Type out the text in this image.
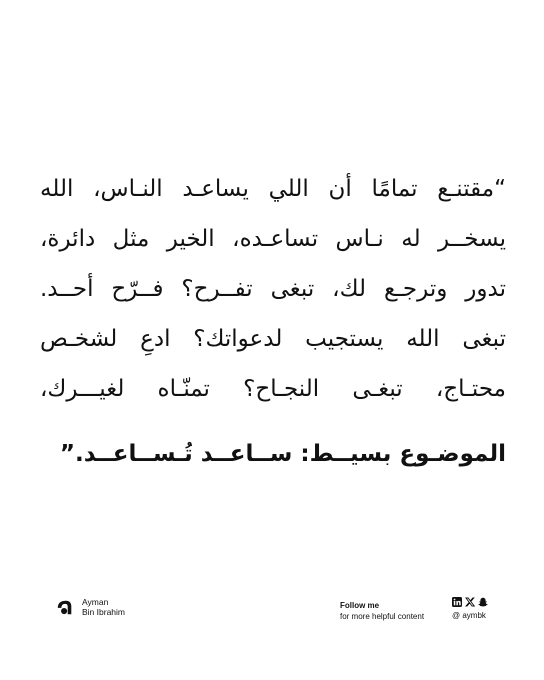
“مقتنـع تمامًا أن اللي يساعـد النـاس، الله
يسخــر له نـاس تساعـده، الخير مثل دائرة،
تدور وترجـع لك، تبغى تفــرح؟ فــرّح أحــد.
تبغى الله يستجيب لدعواتك؟ ادعِ لشخـص
محتـاج، تبغـى النجـاح؟ تمنّـاه لغيـــرك،
الموضـوع بسيــط: ســاعــد تُـســاعــد.”
Ayman
Bin Ibrahim
Follow me
for more helpful content	@ aymbk
